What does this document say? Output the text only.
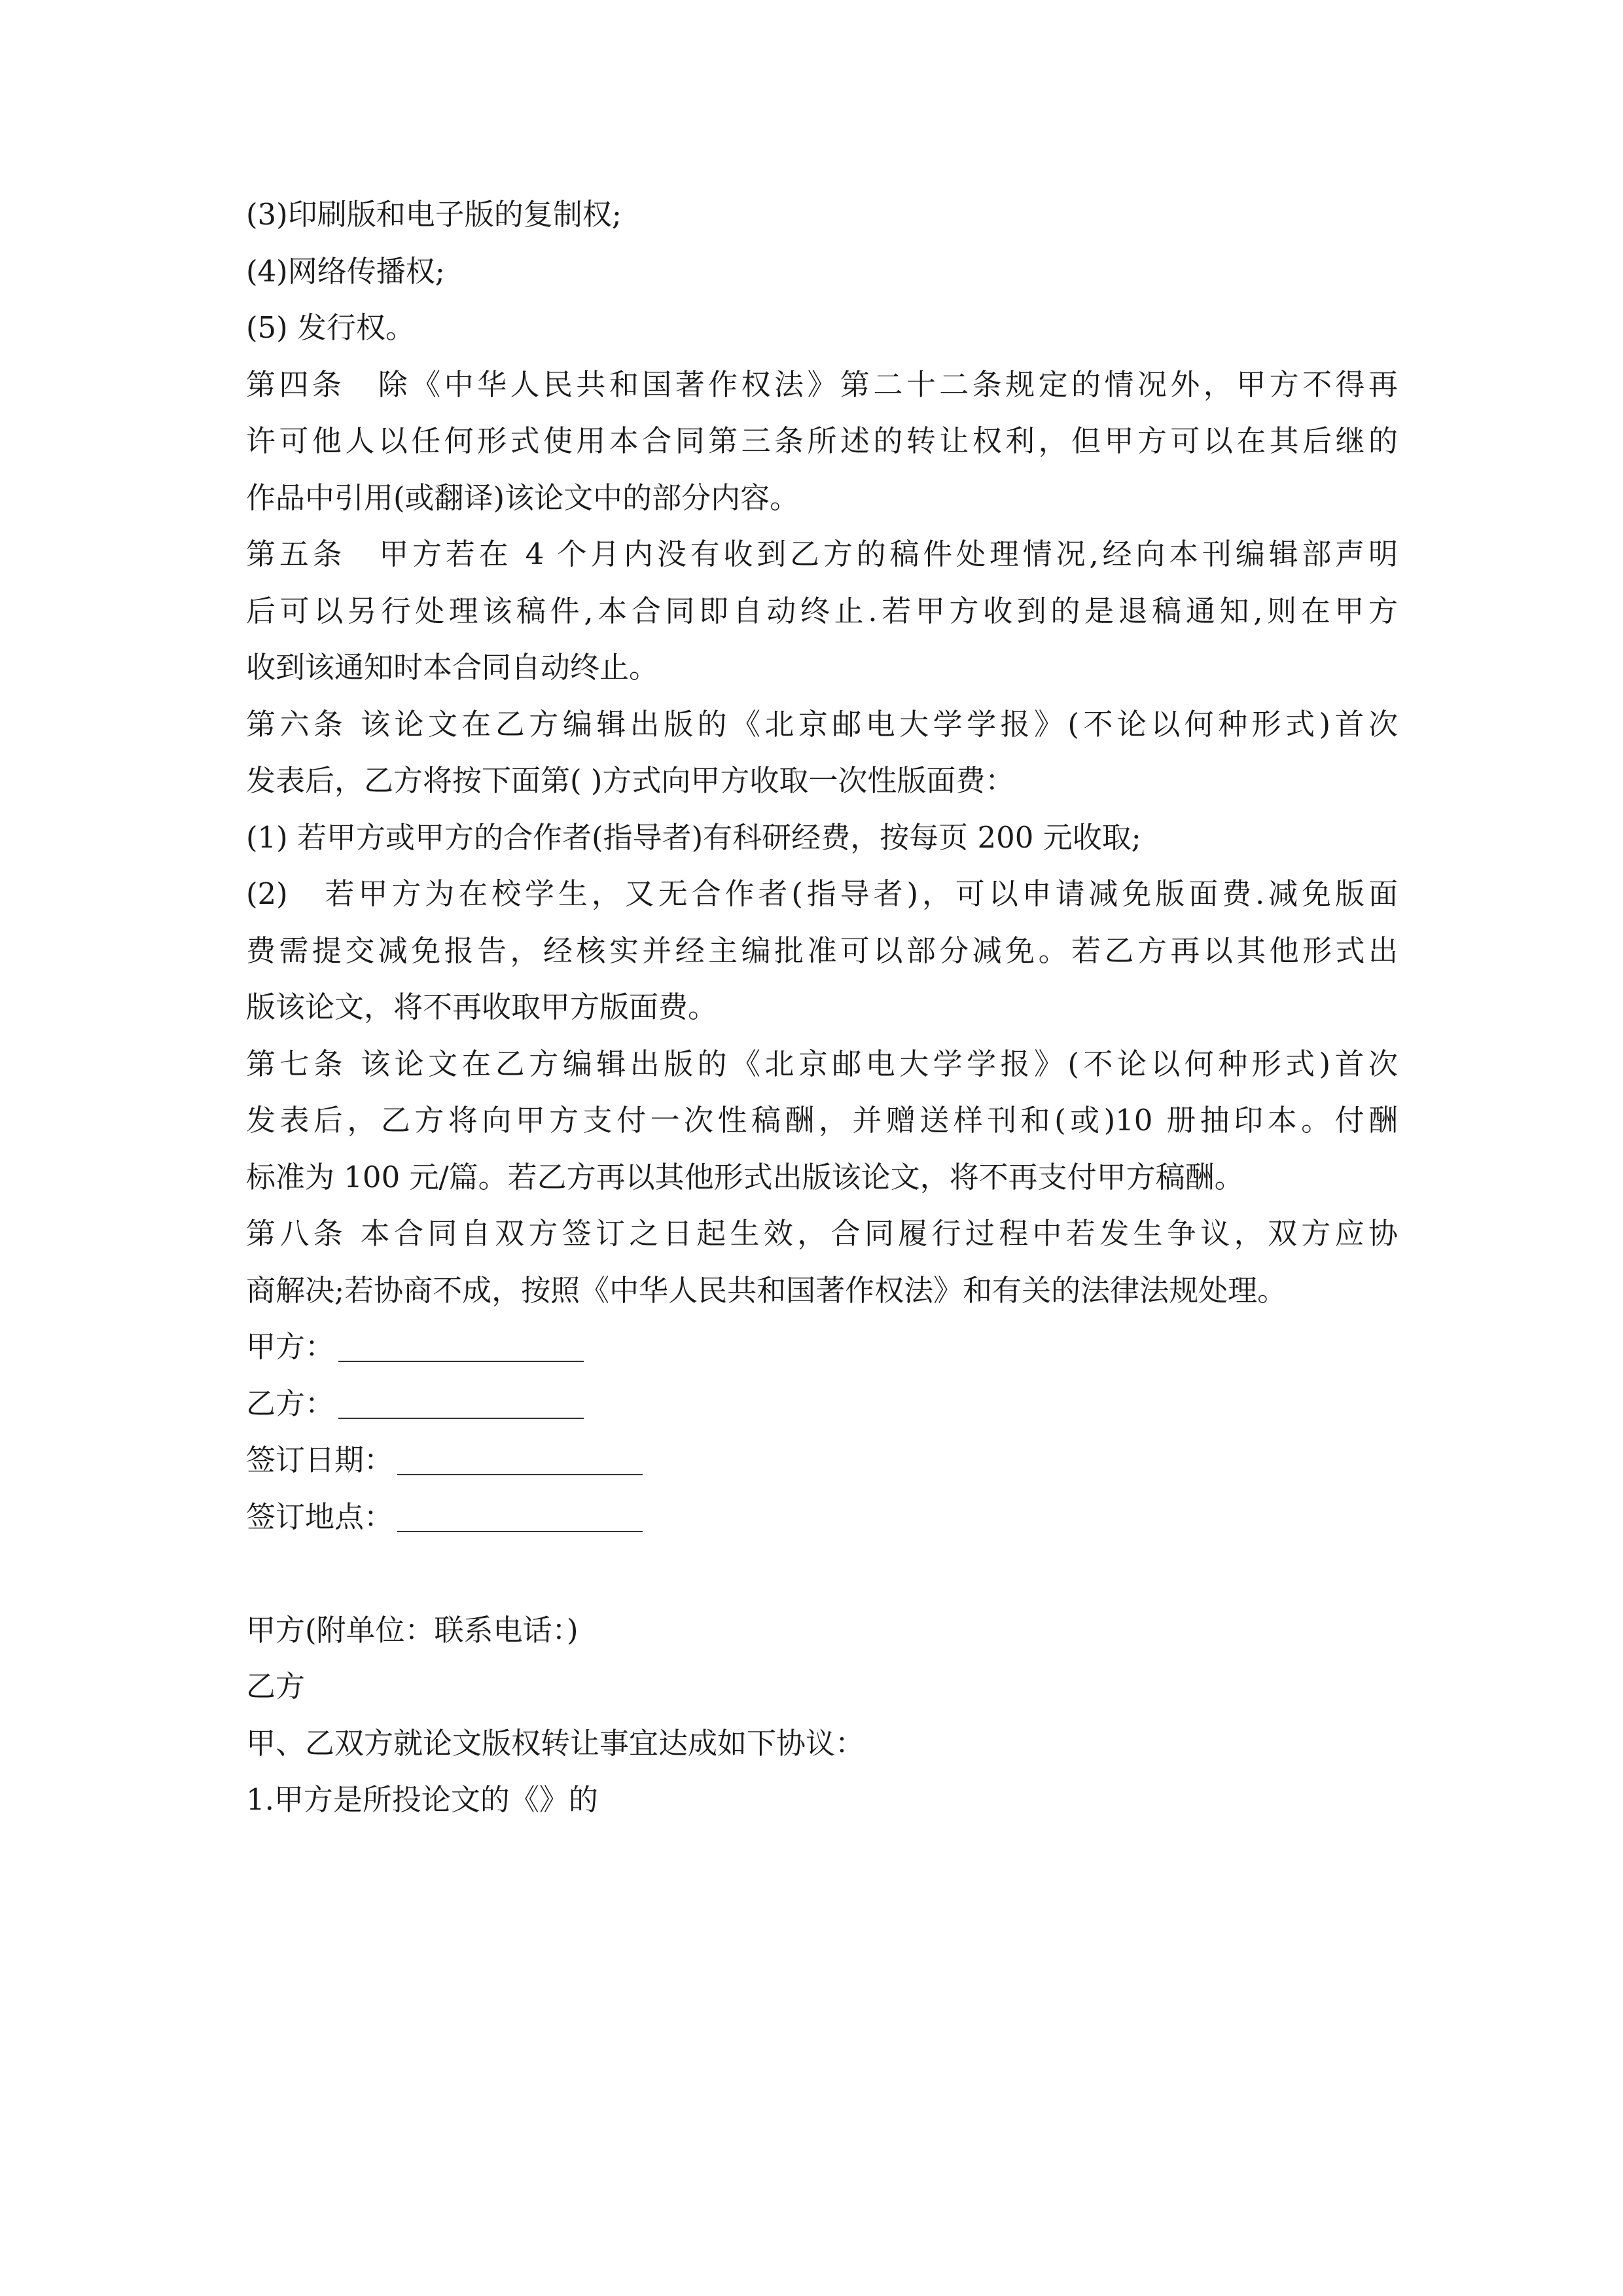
(3)印刷版和电子版的复制权;
(4)网络传播权;
(5) 发行权。
第四条　除《中华人民共和国著作权法》第二十二条规定的情况外，甲方不得再
许可他人以任何形式使用本合同第三条所述的转让权利，但甲方可以在其后继的
作品中引用(或翻译)该论文中的部分内容。
第五条　甲方若在 4 个月内没有收到乙方的稿件处理情况,经向本刊编辑部声明
后可以另行处理该稿件,本合同即自动终止.若甲方收到的是退稿通知,则在甲方
收到该通知时本合同自动终止。
第六条 该论文在乙方编辑出版的《北京邮电大学学报》(不论以何种形式)首次
发表后，乙方将按下面第( )方式向甲方收取一次性版面费：
(1) 若甲方或甲方的合作者(指导者)有科研经费，按每页 200 元收取;
(2)　若甲方为在校学生，又无合作者(指导者)，可以申请减免版面费.减免版面
费需提交减免报告，经核实并经主编批准可以部分减免。若乙方再以其他形式出
版该论文，将不再收取甲方版面费。
第七条 该论文在乙方编辑出版的《北京邮电大学学报》(不论以何种形式)首次
发表后，乙方将向甲方支付一次性稿酬，并赠送样刊和(或)10 册抽印本。付酬
标准为 100 元/篇。若乙方再以其他形式出版该论文，将不再支付甲方稿酬。
第八条 本合同自双方签订之日起生效，合同履行过程中若发生争议，双方应协
商解决;若协商不成，按照《中华人民共和国著作权法》和有关的法律法规处理。
甲方：
乙方：
签订日期：
签订地点：
甲方(附单位：联系电话：)
乙方
甲、乙双方就论文版权转让事宜达成如下协议：
1.甲方是所投论文的《》的
